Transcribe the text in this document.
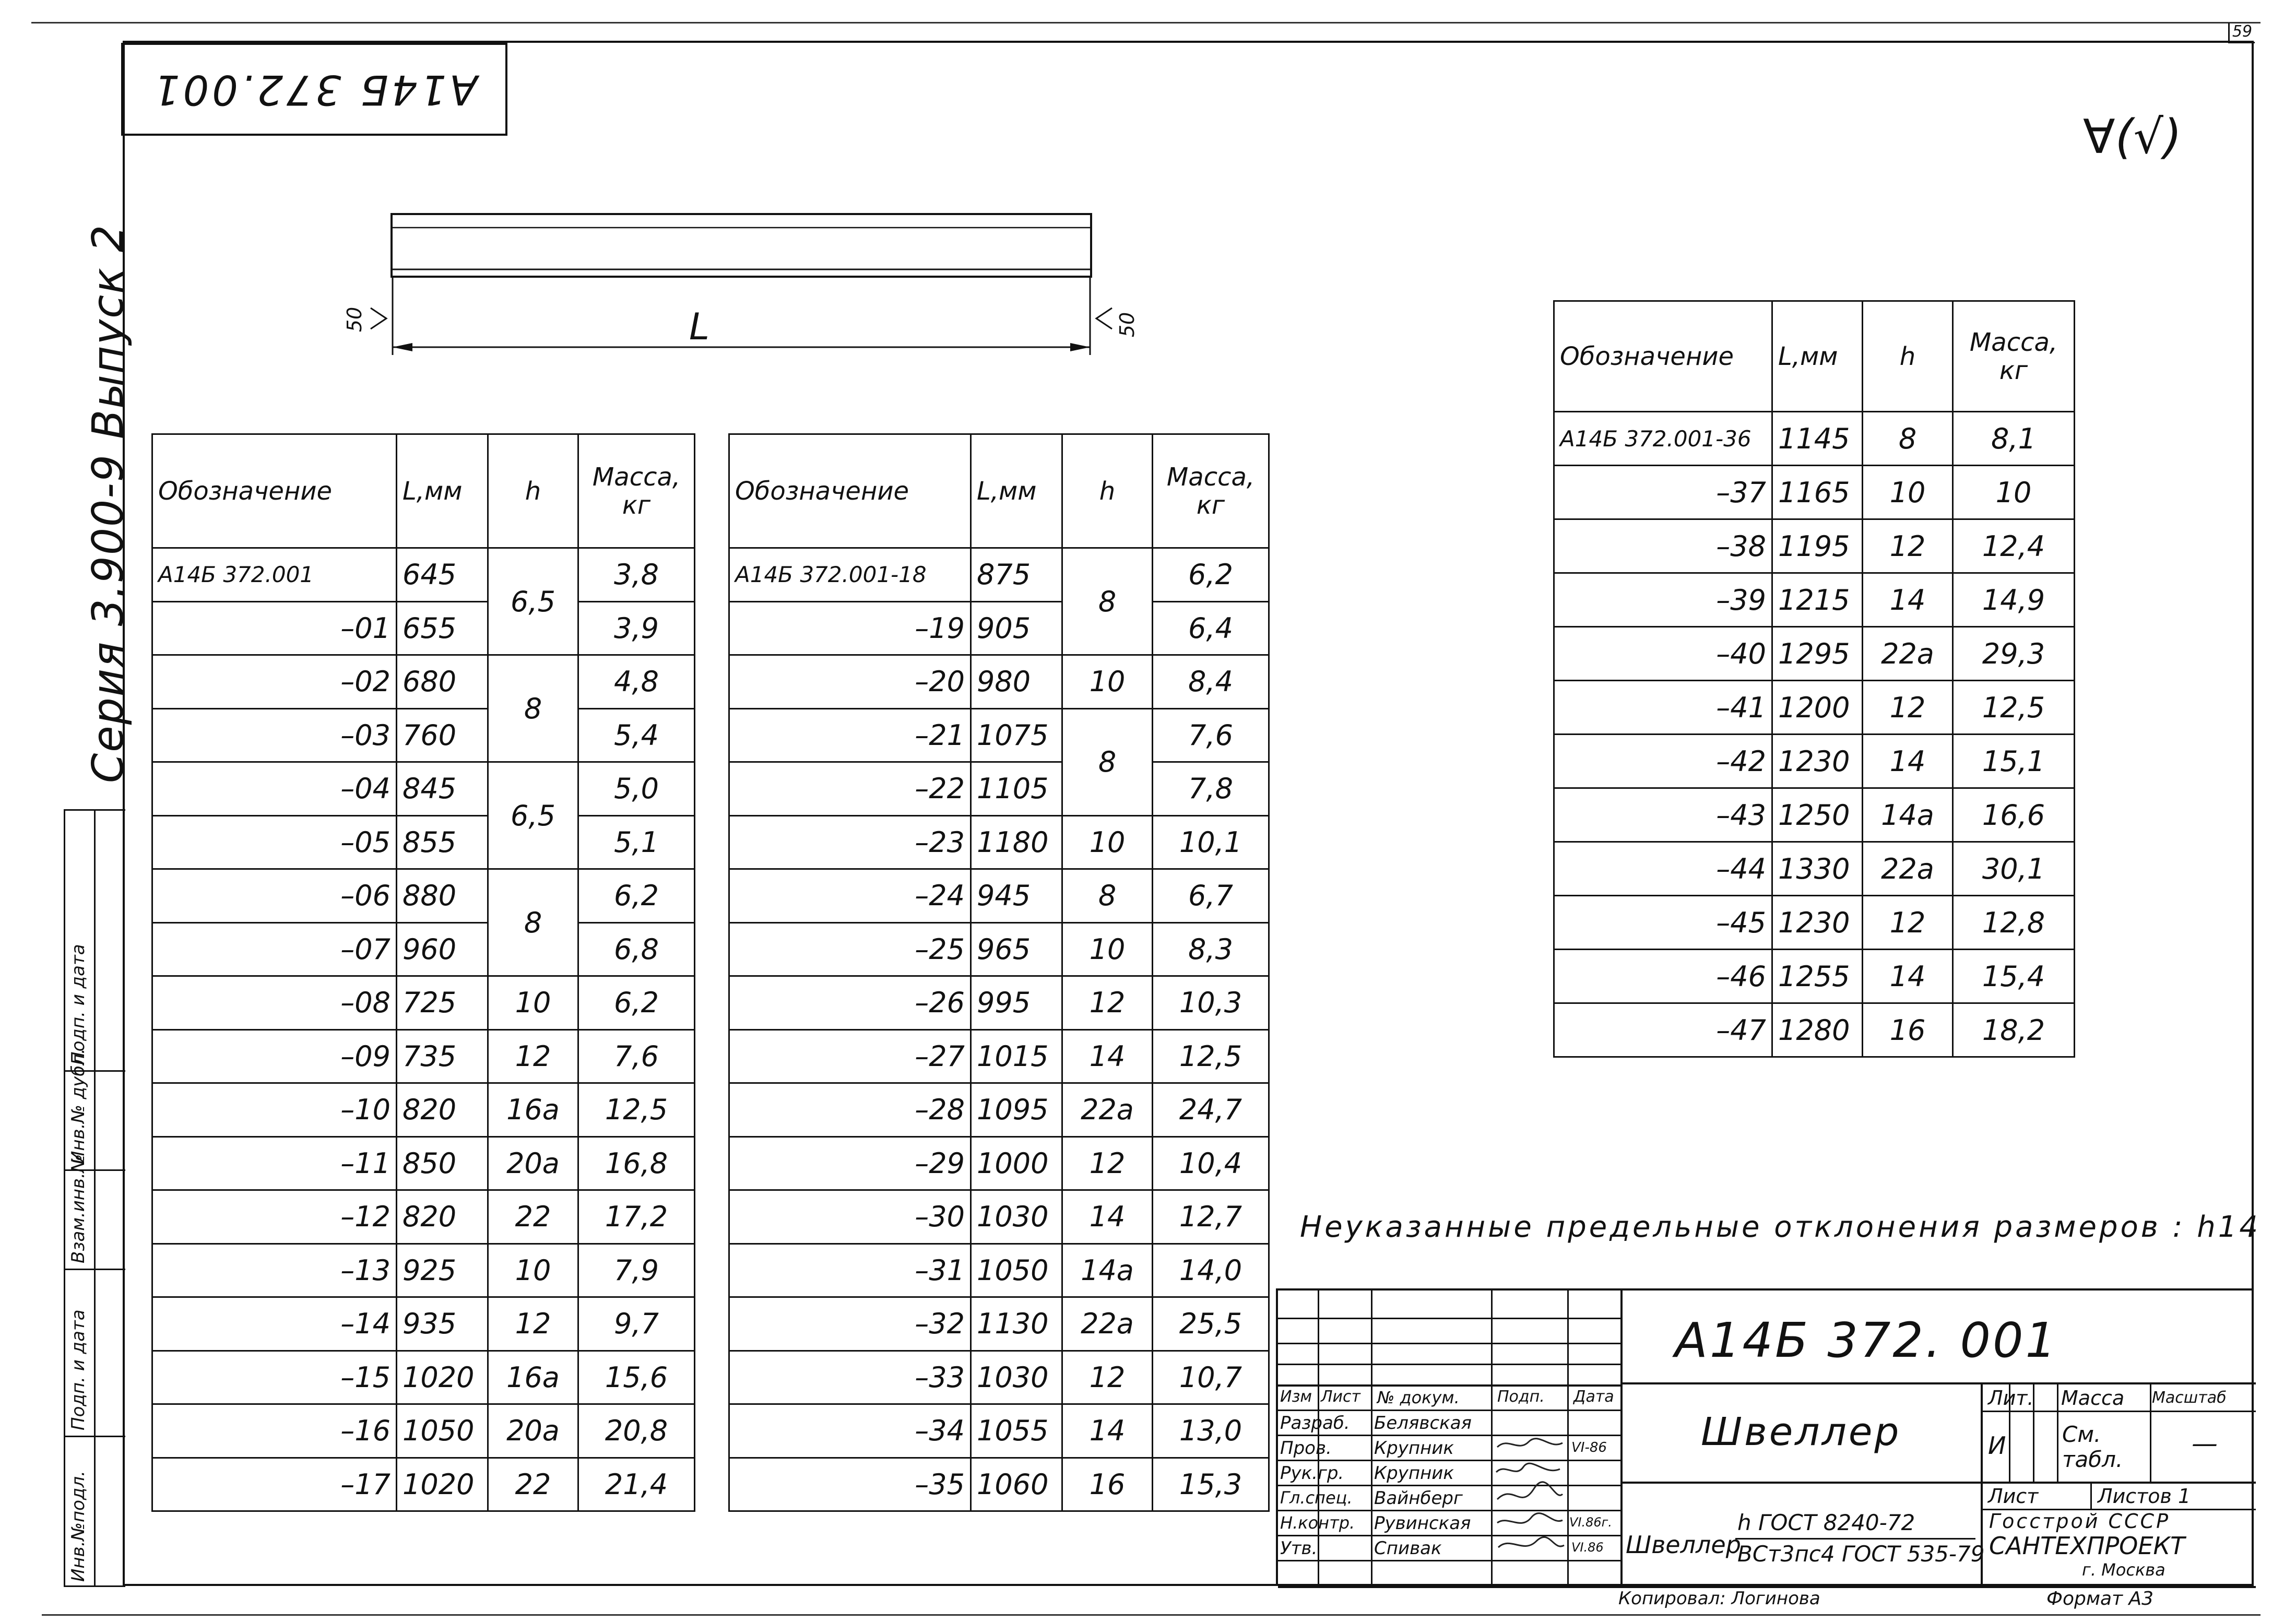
59
А14Б 372.001
Серия 3.900-9 Выпуск 2
∀(√)
L
50	50
Инв.№подл.
Подп. и дата
Взам.инв.№
Инв.№ дубл.
Подп. и дата
Обозначение	L,мм	h	Масса, кг
А14Б 372.001	645	6,5	3,8
–01	655		3,9
–02	680	8	4,8
–03	760		5,4
–04	845	6,5	5,0
–05	855		5,1
–06	880	8	6,2
–07	960		6,8
–08	725	10	6,2
–09	735	12	7,6
–10	820	16а	12,5
–11	850	20а	16,8
–12	820	22	17,2
–13	925	10	7,9
–14	935	12	9,7
–15	1020	16а	15,6
–16	1050	20а	20,8
–17	1020	22	21,4
Обозначение	L,мм	h	Масса, кг
А14Б 372.001-18	875	8	6,2
–19	905		6,4
–20	980	10	8,4
–21	1075	8	7,6
–22	1105		7,8
–23	1180	10	10,1
–24	945	8	6,7
–25	965	10	8,3
–26	995	12	10,3
–27	1015	14	12,5
–28	1095	22а	24,7
–29	1000	12	10,4
–30	1030	14	12,7
–31	1050	14а	14,0
–32	1130	22а	25,5
–33	1030	12	10,7
–34	1055	14	13,0
–35	1060	16	15,3
Обозначение	L,мм	h	Масса, кг
А14Б 372.001-36	1145	8	8,1
–37	1165	10	10
–38	1195	12	12,4
–39	1215	14	14,9
–40	1295	22а	29,3
–41	1200	12	12,5
–42	1230	14	15,1
–43	1250	14а	16,6
–44	1330	22а	30,1
–45	1230	12	12,8
–46	1255	14	15,4
–47	1280	16	18,2
Неуказанные предельные отклонения размеров : h14
Изм Лист № докум. Подп. Дата
Разраб. Белявская
Пров. Крупник	VI-86
Рук.гр. Крупник
Гл.спец. Вайнберг
Н.контр. Рувинская	VI.86г.
Утв.	Спивак	VI.86
А14Б 372. 001
Швеллер
Лит. Масса Масштаб
И	См. табл.
—
Лист	Листов 1
Швеллер
h ГОСТ 8240-72
ВСт3пс4 ГОСТ 535-79
Госстрой СССР
САНТЕХПРОЕКТ
г. Москва
Копировал: Логинова	Формат А3
